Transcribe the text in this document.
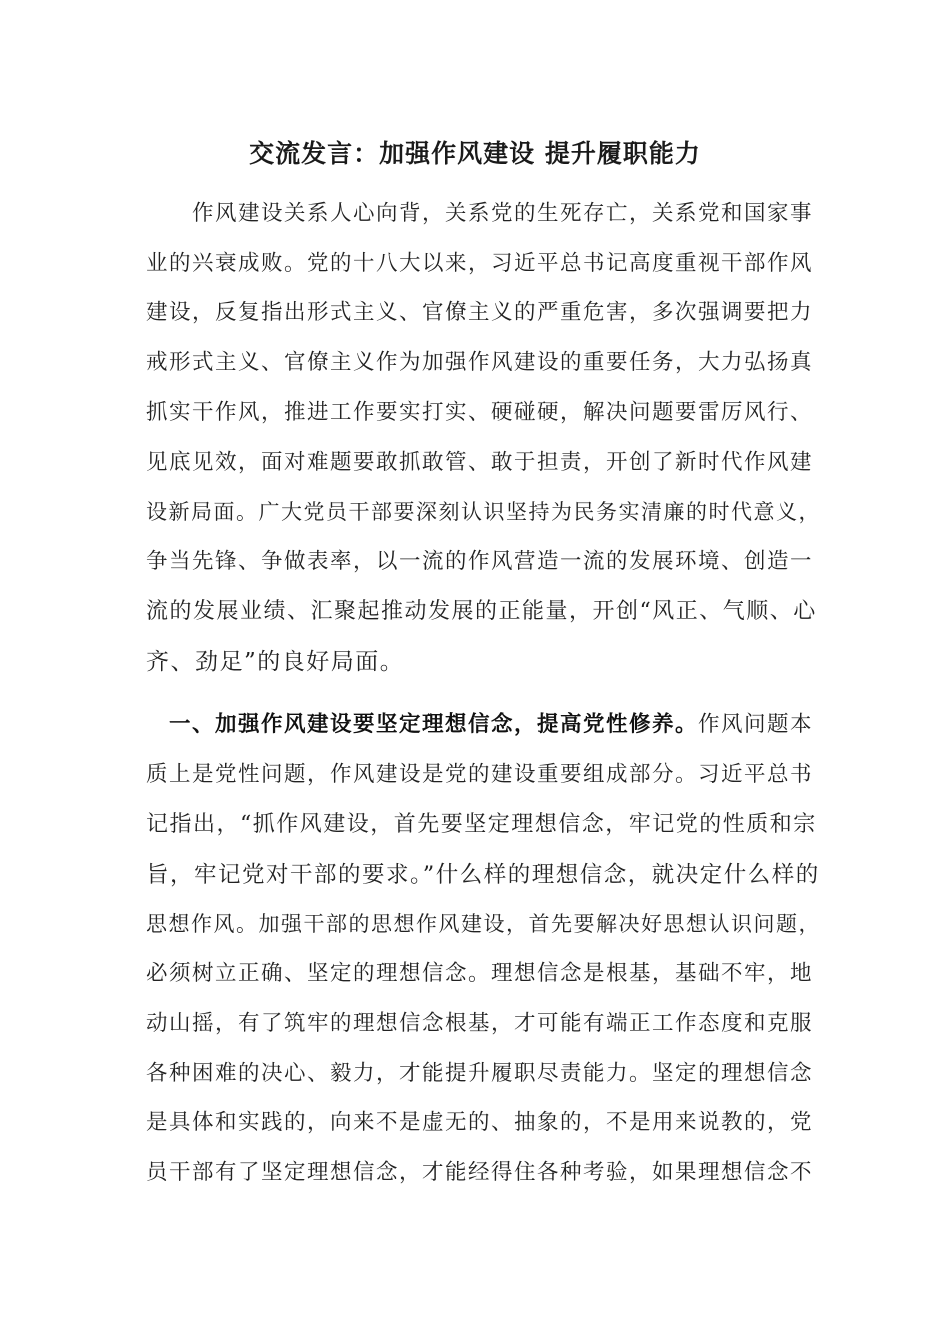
交流发言：加强作风建设 提升履职能力
　　作风建设关系人心向背，关系党的生死存亡，关系党和国家事
业的兴衰成败。党的十八大以来，习近平总书记高度重视干部作风
建设，反复指出形式主义、官僚主义的严重危害，多次强调要把力
戒形式主义、官僚主义作为加强作风建设的重要任务，大力弘扬真
抓实干作风，推进工作要实打实、硬碰硬，解决问题要雷厉风行、
见底见效，面对难题要敢抓敢管、敢于担责，开创了新时代作风建
设新局面。广大党员干部要深刻认识坚持为民务实清廉的时代意义，
争当先锋、争做表率，以一流的作风营造一流的发展环境、创造一
流的发展业绩、汇聚起推动发展的正能量，开创“风正、气顺、心
齐、劲足”的良好局面。
　一、加强作风建设要坚定理想信念，提高党性修养。作风问题本
质上是党性问题，作风建设是党的建设重要组成部分。习近平总书
记指出，“抓作风建设，首先要坚定理想信念，牢记党的性质和宗
旨，牢记党对干部的要求。”什么样的理想信念，就决定什么样的
思想作风。加强干部的思想作风建设，首先要解决好思想认识问题，
必须树立正确、坚定的理想信念。理想信念是根基，基础不牢，地
动山摇，有了筑牢的理想信念根基，才可能有端正工作态度和克服
各种困难的决心、毅力，才能提升履职尽责能力。坚定的理想信念
是具体和实践的，向来不是虚无的、抽象的，不是用来说教的，党
员干部有了坚定理想信念，才能经得住各种考验，如果理想信念不
